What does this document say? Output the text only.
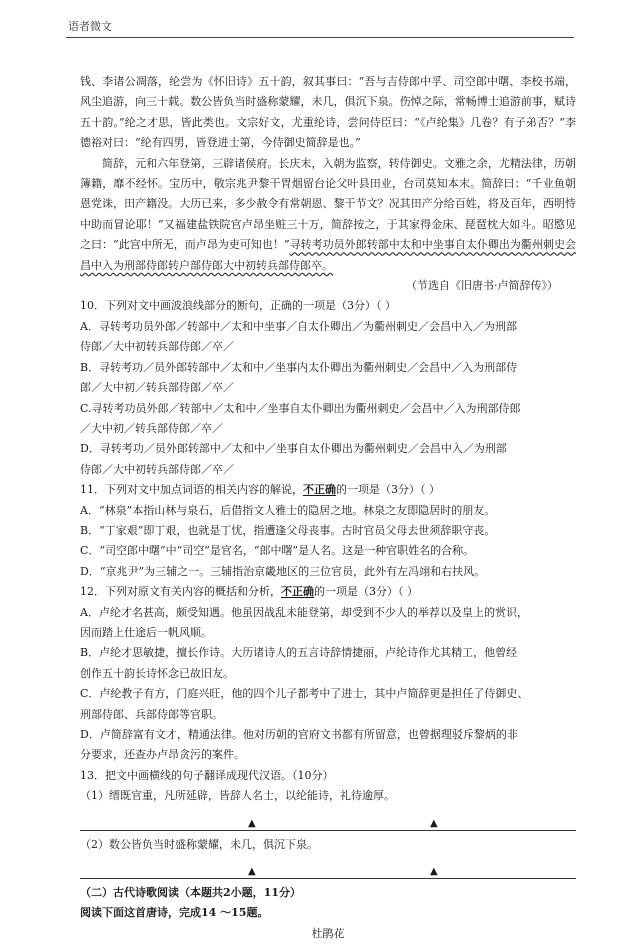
语者微文

钱、李诸公凋落，纶尝为《怀旧诗》五十韵，叙其事曰：“吾与吉侍郎中孚、司空郎中曙、李校书端，风尘追游，向三十载。数公皆负当时盛称蒙耀，未几，俱沉下泉。伤悼之际，常畅博士追游前事，赋诗五十韵。”纶之才思，皆此类也。文宗好文，尤重纶诗，尝问侍臣曰：“《卢纶集》几卷？有子弟否？”李德裕对曰：“纶有四男，皆登进士第，今侍御史简辞是也。”

简辞，元和六年登第，三辟诸侯府。长庆末，入朝为监察，转侍御史。文雅之余，尤精法律，历朝簿籍，靡不经怀。宝历中，敬宗兆尹黎干胃烟留台论父叶县田业，台司莫知本末。简辞曰：“千业鱼朝恩党诛，田产籍没。大历已来，多少赦令有常朝恩、黎干节文？况其田产分给百姓，将及百年，西明恃中助而冒论耶！”又福建盐铁院官卢昂坐赃三十万，简辞按之，于其家得金床、琵琶枕大如斗。昭愍见之曰：“此宫中所无，而卢昂为吏可知也！”寻转考功员外郎转部中太和中坐事自太仆卿出为衢州刺史会昌中入为刑部侍郎转户部侍郎大中初转兵部侍郎卒。

（节选自《旧唐书·卢简辞传》）

10．下列对文中画波浪线部分的断句，正确的一项是（3分）（ ）

A．寻转考功员外郎／转部中／太和中坐事／自太仆卿出／为衢州刺史／会昌中入／为刑部

侍郎／大中初转兵部侍郎／卒／

B．寻转考功／员外郎转部中／太和中／坐事内太仆卿出为衢州刺史／会昌中／入为刑部侍

郎／大中初／转兵部侍郎／卒／

C.寻转考功员外郎／转部中／太和中／坐事自太仆卿出为衢州刺史／会昌中／入为刑部侍郎

／大中初／转兵部侍郎／卒／

D．寻转考功／员外郎转部中／太和中／坐事自太仆卿出为衢州刺史／会昌中入／为刑部

侍郎／大中初转兵部侍郎／卒／

11．下列对文中加点词语的相关内容的解说，不正确的一项是（3分）（ ）

A．“林泉”本指山林与泉石，后借指文人雅士的隐居之地。林泉之友即隐居时的朋友。

B．“丁家艰”即丁艰，也就是丁忧，指遭逢父母丧事。古时官员父母去世须辞职守丧。

C．“司空郎中曙”中“司空”是官名，“郎中曙”是人名。这是一种官职姓名的合称。

D．“京兆尹”为三辅之一。三辅指治京畿地区的三位官员，此外有左冯翊和右扶风。

12．下列对原文有关内容的概括和分析，不正确的一项是（3分）（ ）

A．卢纶才名甚高，颇受知遇。他虽因战乱未能登第，却受到不少人的举荐以及皇上的赏识，

因而踏上仕途后一帆风顺。

B．卢纶才思敏捷，擅长作诗。大历诸诗人的五言诗辞情捷丽，卢纶诗作尤其精工，他曾经

创作五十韵长诗怀念已故旧友。

C．卢纶教子有方，门庭兴旺，他的四个儿子都考中了进士，其中卢简辞更是担任了侍御史、

刑部侍郎、兵部侍郎等官职。

D．卢简辞富有文才，精通法律。他对历朝的官府文书都有所留意，也曾据理驳斥黎炳的非

分要求，还查办卢昂贪污的案件。

13．把文中画横线的句子翻译成现代汉语。（10分）

（1）缙既官重，凡所延辟，皆辞人名士，以纶能诗，礼待逾厚。

▲	▲

（2）数公皆负当时盛称蒙耀，未几，俱沉下泉。

▲	▲

（二）古代诗歌阅读（本题共2小题，11分）

阅读下面这首唐诗，完成14 ～15题。

杜鹃花
